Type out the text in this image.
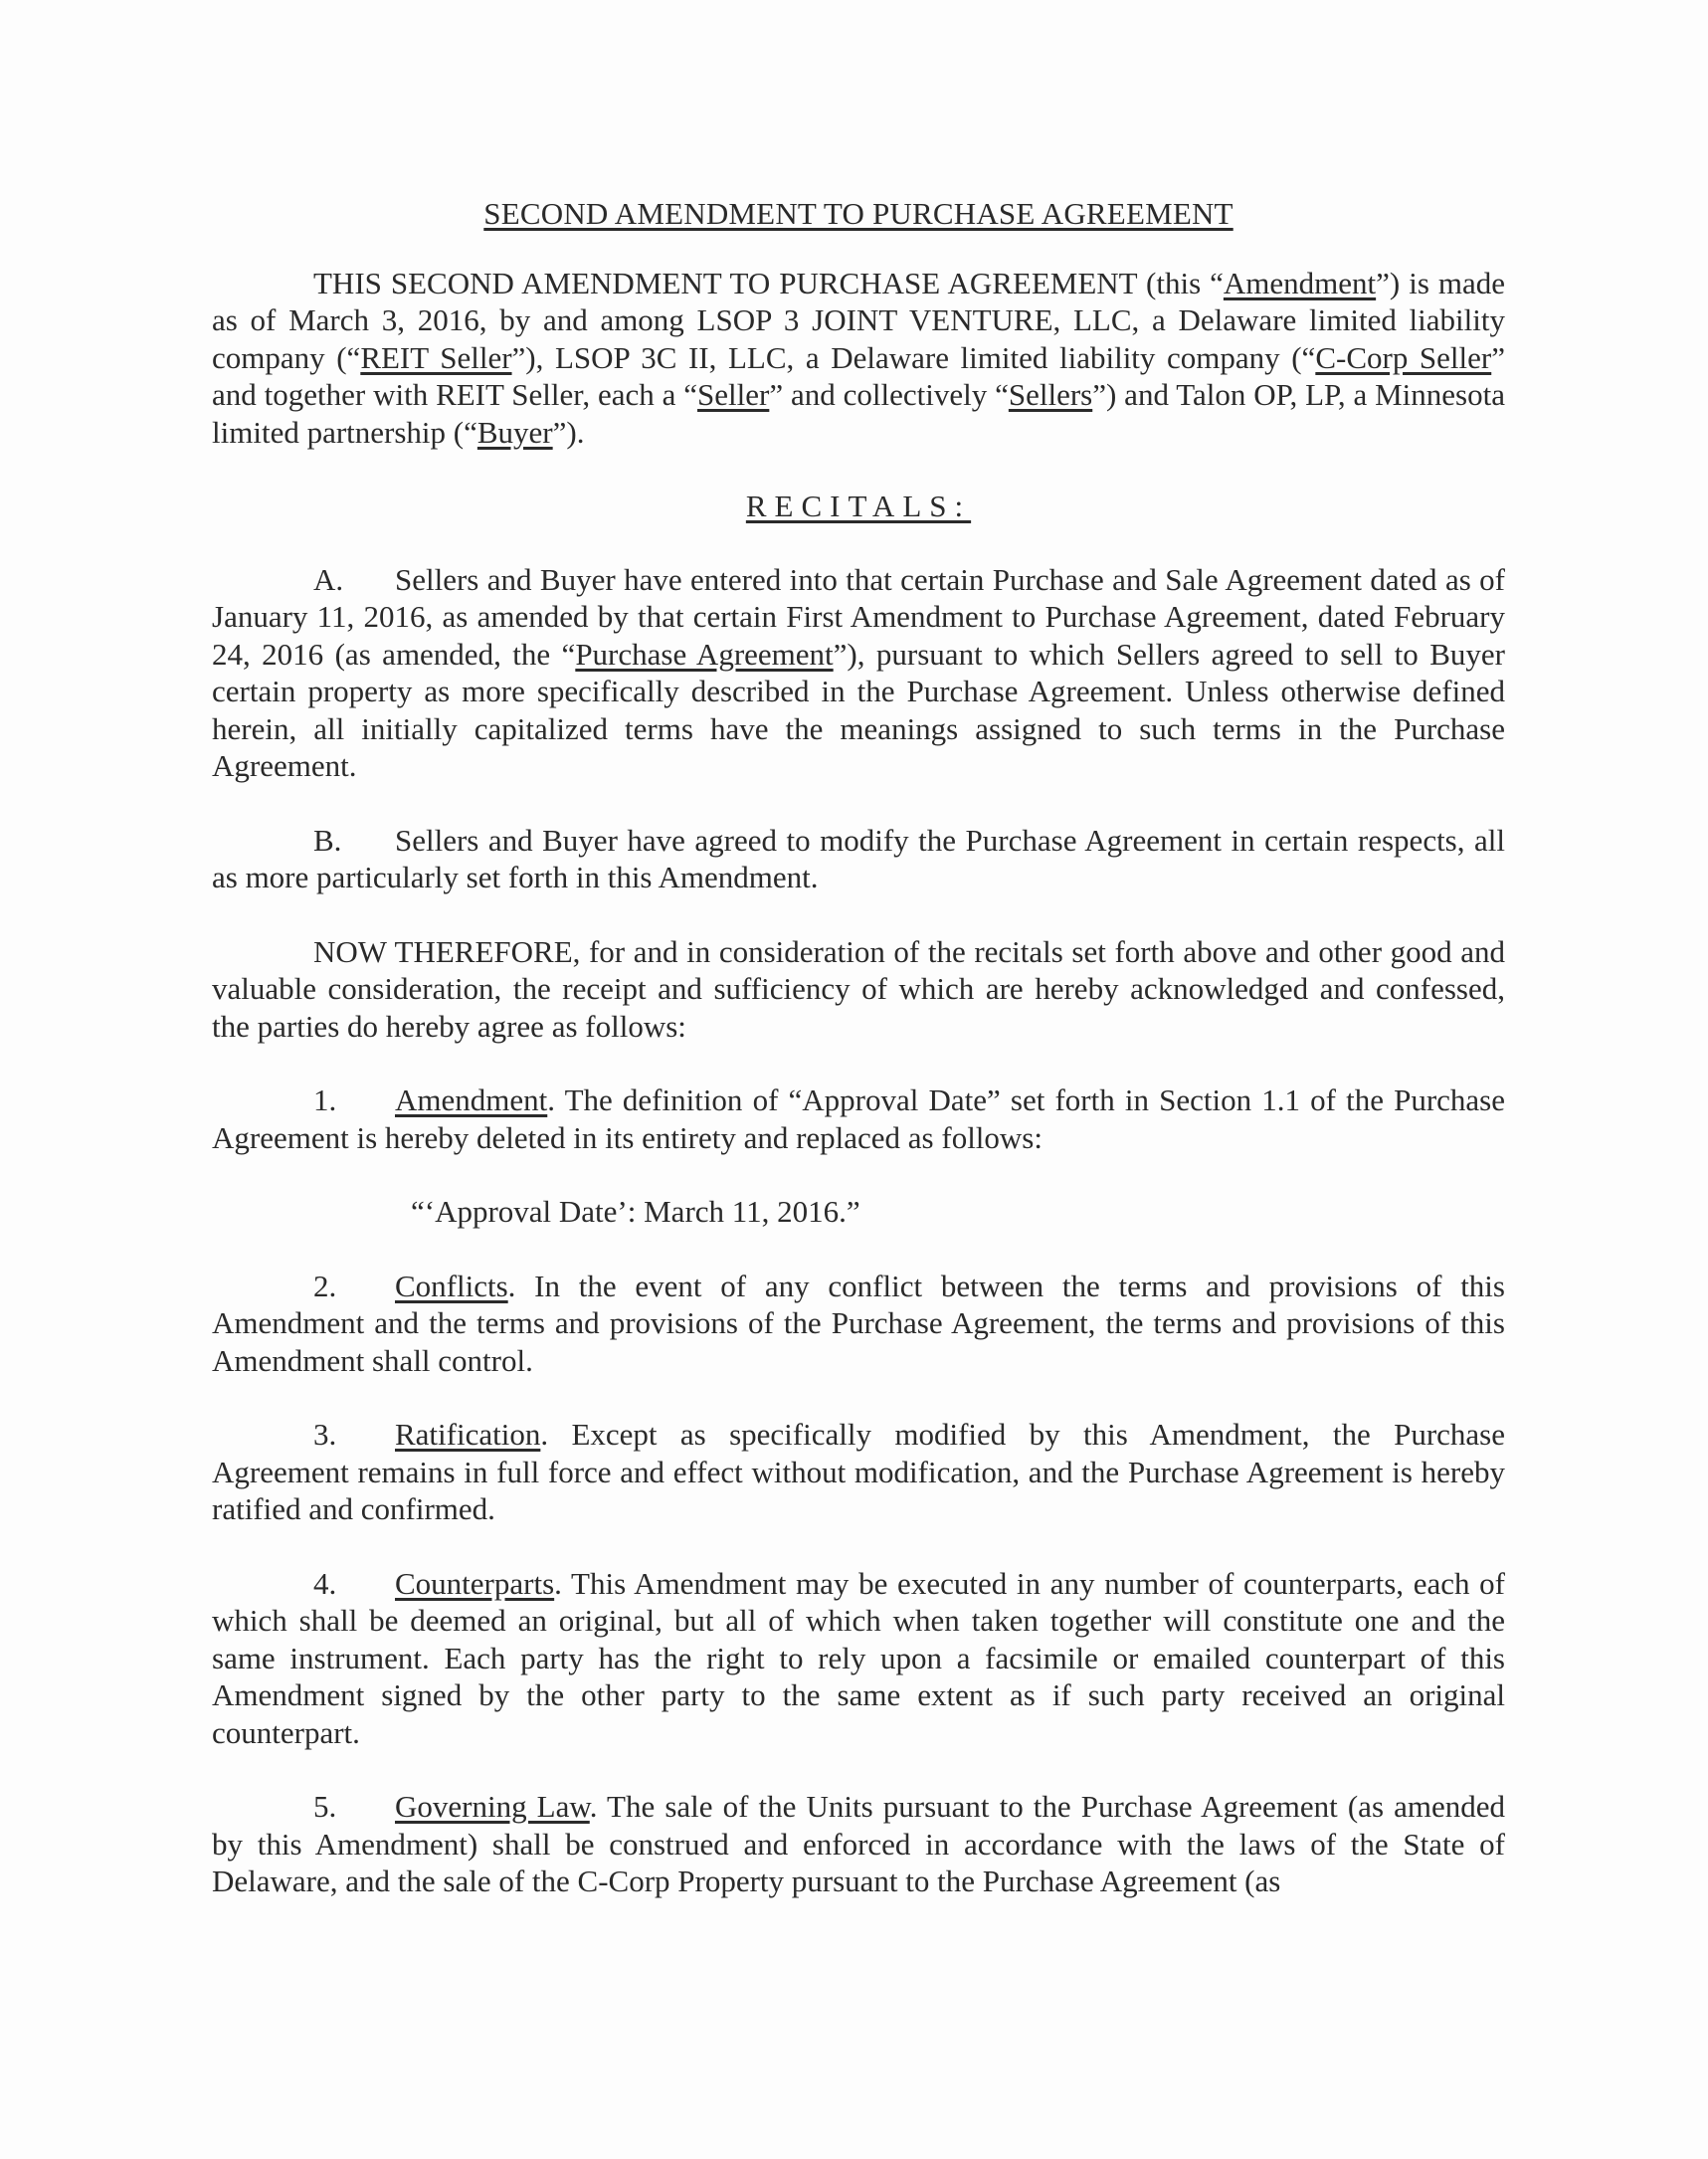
SECOND AMENDMENT TO PURCHASE AGREEMENT

THIS SECOND AMENDMENT TO PURCHASE AGREEMENT (this “Amendment”) is made as of March 3, 2016, by and among LSOP 3 JOINT VENTURE, LLC, a Delaware limited liability company (“REIT Seller”), LSOP 3C II, LLC, a Delaware limited liability company (“C-Corp Seller” and together with REIT Seller, each a “Seller” and collectively “Sellers”) and Talon OP, LP, a Minnesota limited partnership (“Buyer”).

RECITALS:

A. Sellers and Buyer have entered into that certain Purchase and Sale Agreement dated as of January 11, 2016, as amended by that certain First Amendment to Purchase Agreement, dated February 24, 2016 (as amended, the “Purchase Agreement”), pursuant to which Sellers agreed to sell to Buyer certain property as more specifically described in the Purchase Agreement. Unless otherwise defined herein, all initially capitalized terms have the meanings assigned to such terms in the Purchase Agreement.

B. Sellers and Buyer have agreed to modify the Purchase Agreement in certain respects, all as more particularly set forth in this Amendment.

NOW THEREFORE, for and in consideration of the recitals set forth above and other good and valuable consideration, the receipt and sufficiency of which are hereby acknowledged and confessed, the parties do hereby agree as follows:

1. Amendment. The definition of “Approval Date” set forth in Section 1.1 of the Purchase Agreement is hereby deleted in its entirety and replaced as follows:

“‘Approval Date’: March 11, 2016.”

2. Conflicts. In the event of any conflict between the terms and provisions of this Amendment and the terms and provisions of the Purchase Agreement, the terms and provisions of this Amendment shall control.

3. Ratification. Except as specifically modified by this Amendment, the Purchase Agreement remains in full force and effect without modification, and the Purchase Agreement is hereby ratified and confirmed.

4. Counterparts. This Amendment may be executed in any number of counterparts, each of which shall be deemed an original, but all of which when taken together will constitute one and the same instrument. Each party has the right to rely upon a facsimile or emailed counterpart of this Amendment signed by the other party to the same extent as if such party received an original counterpart.

5. Governing Law. The sale of the Units pursuant to the Purchase Agreement (as amended by this Amendment) shall be construed and enforced in accordance with the laws of the State of Delaware, and the sale of the C-Corp Property pursuant to the Purchase Agreement (as
